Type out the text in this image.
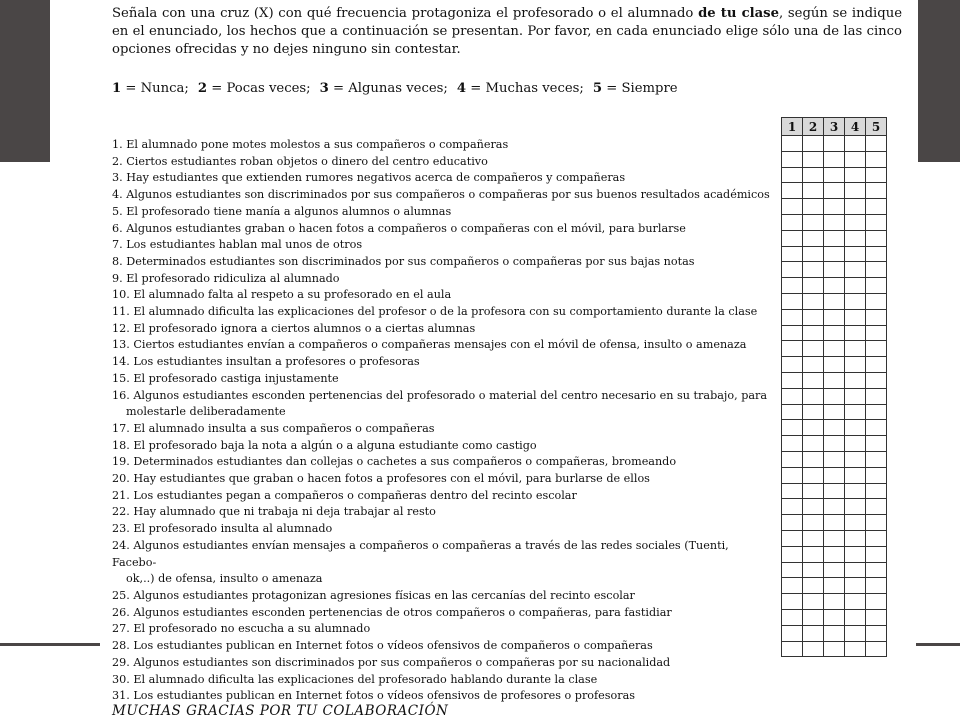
Señala con una cruz (X) con qué frecuencia protagoniza el profesorado o el alumnado de tu clase, según se indique en el enunciado, los hechos que a continuación se presentan. Por favor, en cada enunciado elige sólo una de las cinco opciones ofrecidas y no dejes ninguno sin contestar.
1 = Nunca; 2 = Pocas veces; 3 = Algunas veces; 4 = Muchas veces; 5 = Siempre
1. El alumnado pone motes molestos a sus compañeros o compañeras
2. Ciertos estudiantes roban objetos o dinero del centro educativo
3. Hay estudiantes que extienden rumores negativos acerca de compañeros y compañeras
4. Algunos estudiantes son discriminados por sus compañeros o compañeras por sus buenos resultados académicos
5. El profesorado tiene manía a algunos alumnos o alumnas
6. Algunos estudiantes graban o hacen fotos a compañeros o compañeras con el móvil, para burlarse
7. Los estudiantes hablan mal unos de otros
8. Determinados estudiantes son discriminados por sus compañeros o compañeras por sus bajas notas
9. El profesorado ridiculiza al alumnado
10. El alumnado falta al respeto a su profesorado en el aula
11. El alumnado dificulta las explicaciones del profesor o de la profesora con su comportamiento durante la clase
12. El profesorado ignora a ciertos alumnos o a ciertas alumnas
13. Ciertos estudiantes envían a compañeros o compañeras mensajes con el móvil de ofensa, insulto o amenaza
14. Los estudiantes insultan a profesores o profesoras
15. El profesorado castiga injustamente
16. Algunos estudiantes esconden pertenencias del profesorado o material del centro necesario en su trabajo, para
molestarle deliberadamente
17. El alumnado insulta a sus compañeros o compañeras
18. El profesorado baja la nota a algún o a alguna estudiante como castigo
19. Determinados estudiantes dan collejas o cachetes a sus compañeros o compañeras, bromeando
20. Hay estudiantes que graban o hacen fotos a profesores con el móvil, para burlarse de ellos
21. Los estudiantes pegan a compañeros o compañeras dentro del recinto escolar
22. Hay alumnado que ni trabaja ni deja trabajar al resto
23. El profesorado insulta al alumnado
24. Algunos estudiantes envían mensajes a compañeros o compañeras a través de las redes sociales (Tuenti, Facebo-
ok,..) de ofensa, insulto o amenaza
25. Algunos estudiantes protagonizan agresiones físicas en las cercanías del recinto escolar
26. Algunos estudiantes esconden pertenencias de otros compañeros o compañeras, para fastidiar
27. El profesorado no escucha a su alumnado
28. Los estudiantes publican en Internet fotos o vídeos ofensivos de compañeros o compañeras
29. Algunos estudiantes son discriminados por sus compañeros o compañeras por su nacionalidad
30. El alumnado dificulta las explicaciones del profesorado hablando durante la clase
31. Los estudiantes publican en Internet fotos o vídeos ofensivos de profesores o profesoras
1	2	3	4	5

MUCHAS GRACIAS POR TU COLABORACIÓN
